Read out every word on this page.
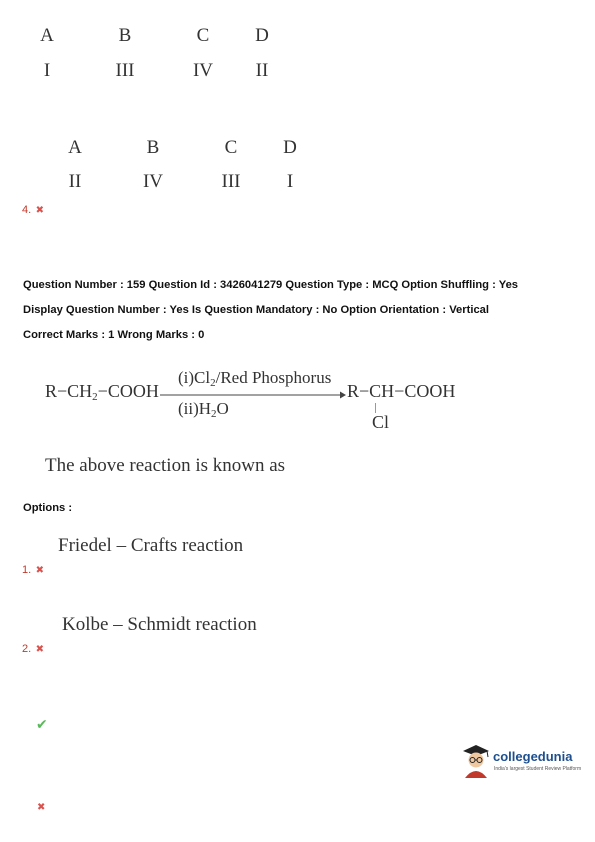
A	B	C	D
I	III	IV	II
A	B	C	D
II	IV	III	I
4. ✖
Question Number : 159 Question Id : 3426041279 Question Type : MCQ Option Shuffling : Yes
Display Question Number : Yes Is Question Mandatory : No Option Orientation : Vertical
Correct Marks : 1 Wrong Marks : 0
$R-CH_2-COOH$
$(i)Cl_2$/Red Phosphorus
$(ii)H_2O$
R−CH−COOH
Cl
The above reaction is known as
Options :
Friedel – Crafts reaction
1. ✖
Kolbe – Schmidt reaction
2. ✖
✔
✖
collegedunia
India's largest Student Review Platform
